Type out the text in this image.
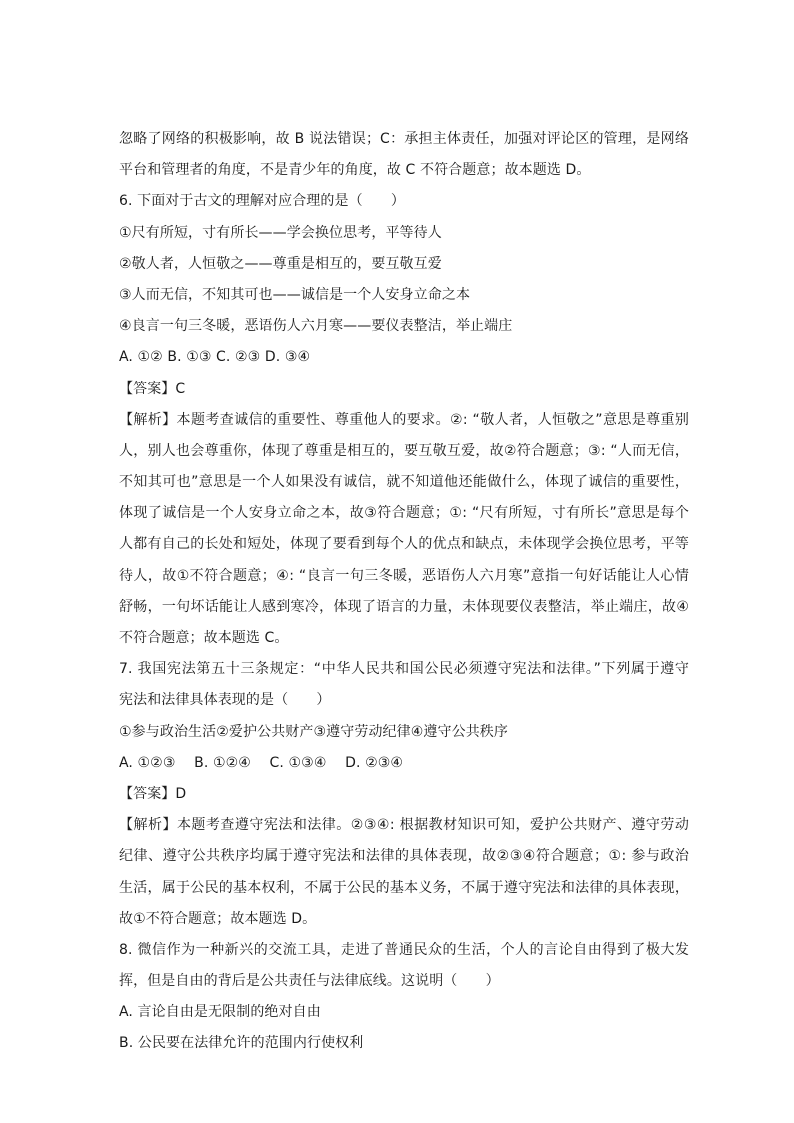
忽略了网络的积极影响，故 B 说法错误；C：承担主体责任，加强对评论区的管理，是网络
平台和管理者的角度，不是青少年的角度，故 C 不符合题意；故本题选 D。
6. 下面对于古文的理解对应合理的是（　　）
①尺有所短，寸有所长——学会换位思考，平等待人
②敬人者，人恒敬之——尊重是相互的，要互敬互爱
③人而无信，不知其可也——诚信是一个人安身立命之本
④良言一句三冬暖，恶语伤人六月寒——要仪表整洁，举止端庄
A. ①② B. ①③ C. ②③ D. ③④
【答案】C
【解析】本题考查诚信的重要性、尊重他人的要求。②: “敬人者，人恒敬之”意思是尊重别
人，别人也会尊重你，体现了尊重是相互的，要互敬互爱，故②符合题意；③: “人而无信，
不知其可也”意思是一个人如果没有诚信，就不知道他还能做什么，体现了诚信的重要性，
体现了诚信是一个人安身立命之本，故③符合题意；①: “尺有所短，寸有所长”意思是每个
人都有自己的长处和短处，体现了要看到每个人的优点和缺点，未体现学会换位思考，平等
待人，故①不符合题意；④: “良言一句三冬暖，恶语伤人六月寒”意指一句好话能让人心情
舒畅，一句坏话能让人感到寒冷，体现了语言的力量，未体现要仪表整洁，举止端庄，故④
不符合题意；故本题选 C。
7. 我国宪法第五十三条规定：“中华人民共和国公民必须遵守宪法和法律。”下列属于遵守
宪法和法律具体表现的是（　　）
①参与政治生活②爱护公共财产③遵守劳动纪律④遵守公共秩序
A. ①②③　 B. ①②④　 C. ①③④　 D. ②③④
【答案】D
【解析】本题考查遵守宪法和法律。②③④: 根据教材知识可知，爱护公共财产、遵守劳动
纪律、遵守公共秩序均属于遵守宪法和法律的具体表现，故②③④符合题意；①: 参与政治
生活，属于公民的基本权利，不属于公民的基本义务，不属于遵守宪法和法律的具体表现，
故①不符合题意；故本题选 D。
8. 微信作为一种新兴的交流工具，走进了普通民众的生活，个人的言论自由得到了极大发
挥，但是自由的背后是公共责任与法律底线。这说明（　　）
A. 言论自由是无限制的绝对自由
B. 公民要在法律允许的范围内行使权利
